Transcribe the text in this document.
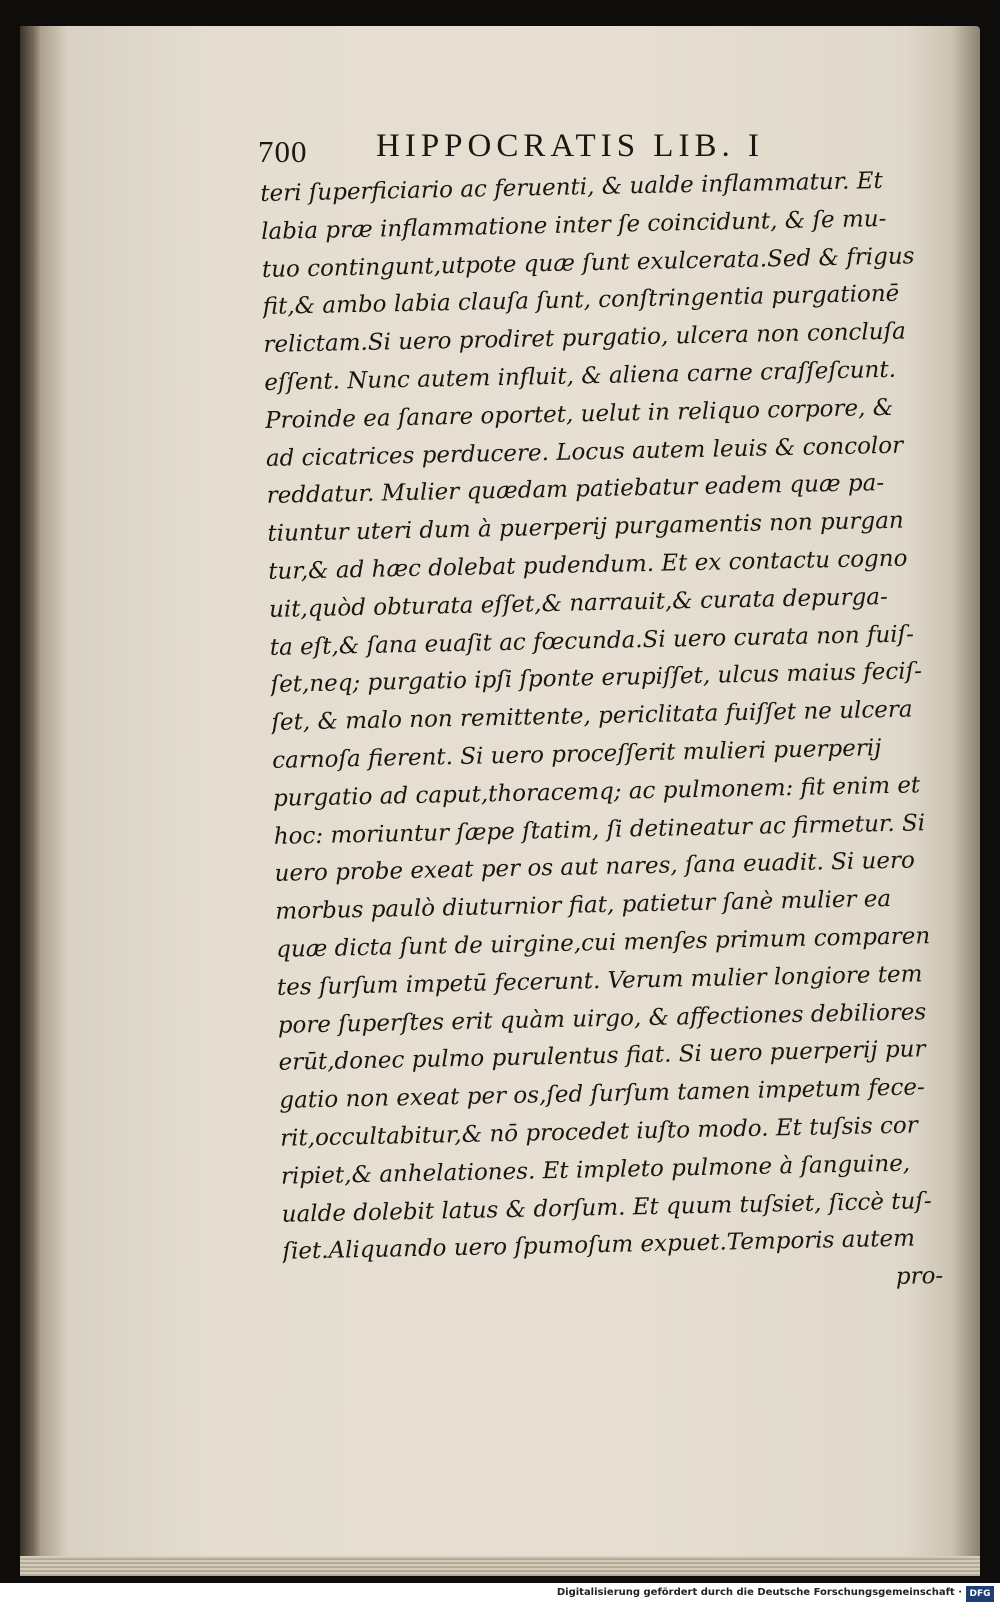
700 HIPPOCRATIS LIB. I
teri ſuperficiario ac feruenti, & ualde inflammatur. Et
labia præ inflammatione inter ſe coincidunt, & ſe mu-
tuo contingunt,utpote quæ ſunt exulcerata.Sed & frigus
fit,& ambo labia clauſa ſunt, conſtringentia purgationē
relictam.Si uero prodiret purgatio, ulcera non concluſa
eſſent. Nunc autem influit, & aliena carne craſſeſcunt.
Proinde ea ſanare oportet, uelut in reliquo corpore, &
ad cicatrices perducere. Locus autem leuis & concolor
reddatur. Mulier quædam patiebatur eadem quæ pa-
tiuntur uteri dum à puerperij purgamentis non purgan
tur,& ad hæc dolebat pudendum. Et ex contactu cogno
uit,quòd obturata eſſet,& narrauit,& curata depurga-
ta eſt,& ſana euaſit ac fœcunda.Si uero curata non fuiſ-
ſet,neq; purgatio ipſi ſponte erupiſſet, ulcus maius feciſ-
ſet, & malo non remittente, periclitata fuiſſet ne ulcera
carnoſa fierent. Si uero proceſſerit mulieri puerperij
purgatio ad caput,thoracemq; ac pulmonem: fit enim et
hoc: moriuntur ſæpe ſtatim, ſi detineatur ac firmetur. Si
uero probe exeat per os aut nares, ſana euadit. Si uero
morbus paulò diuturnior fiat, patietur ſanè mulier ea
quæ dicta ſunt de uirgine,cui menſes primum comparen
tes ſurſum impetū fecerunt. Verum mulier longiore tem
pore ſuperſtes erit quàm uirgo, & affectiones debiliores
erūt,donec pulmo purulentus fiat. Si uero puerperij pur
gatio non exeat per os,ſed ſurſum tamen impetum fece-
rit,occultabitur,& nō procedet iuſto modo. Et tuſsis cor
ripiet,& anhelationes. Et impleto pulmone à ſanguine,
ualde dolebit latus & dorſum. Et quum tuſsiet, ſiccè tuſ-
ſiet.Aliquando uero ſpumoſum expuet.Temporis autem
pro-
Digitalisierung gefördert durch die Deutsche Forschungsgemeinschaft · DFG
